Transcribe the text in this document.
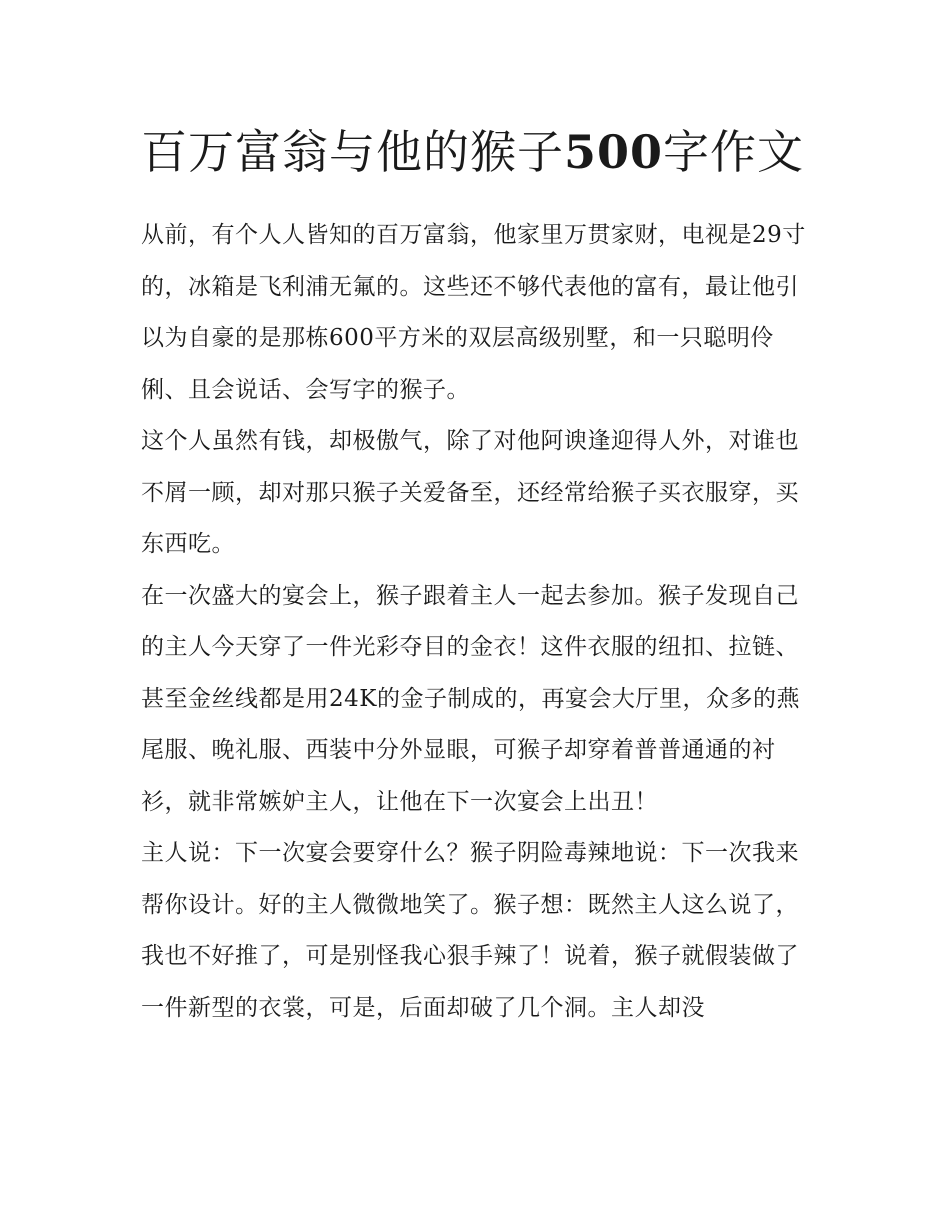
百万富翁与他的猴子500字作文

从前，有个人人皆知的百万富翁，他家里万贯家财，电视是29寸的，冰箱是飞利浦无氟的。这些还不够代表他的富有，最让他引以为自豪的是那栋600平方米的双层高级别墅，和一只聪明伶俐、且会说话、会写字的猴子。

这个人虽然有钱，却极傲气，除了对他阿谀逢迎得人外，对谁也不屑一顾，却对那只猴子关爱备至，还经常给猴子买衣服穿，买东西吃。

在一次盛大的宴会上，猴子跟着主人一起去参加。猴子发现自己的主人今天穿了一件光彩夺目的金衣！这件衣服的纽扣、拉链、甚至金丝线都是用24K的金子制成的，再宴会大厅里，众多的燕尾服、晚礼服、西装中分外显眼，可猴子却穿着普普通通的衬衫，就非常嫉妒主人，让他在下一次宴会上出丑！

主人说：下一次宴会要穿什么？猴子阴险毒辣地说：下一次我来帮你设计。好的主人微微地笑了。猴子想：既然主人这么说了，我也不好推了，可是别怪我心狠手辣了！说着，猴子就假装做了一件新型的衣裳，可是，后面却破了几个洞。主人却没
